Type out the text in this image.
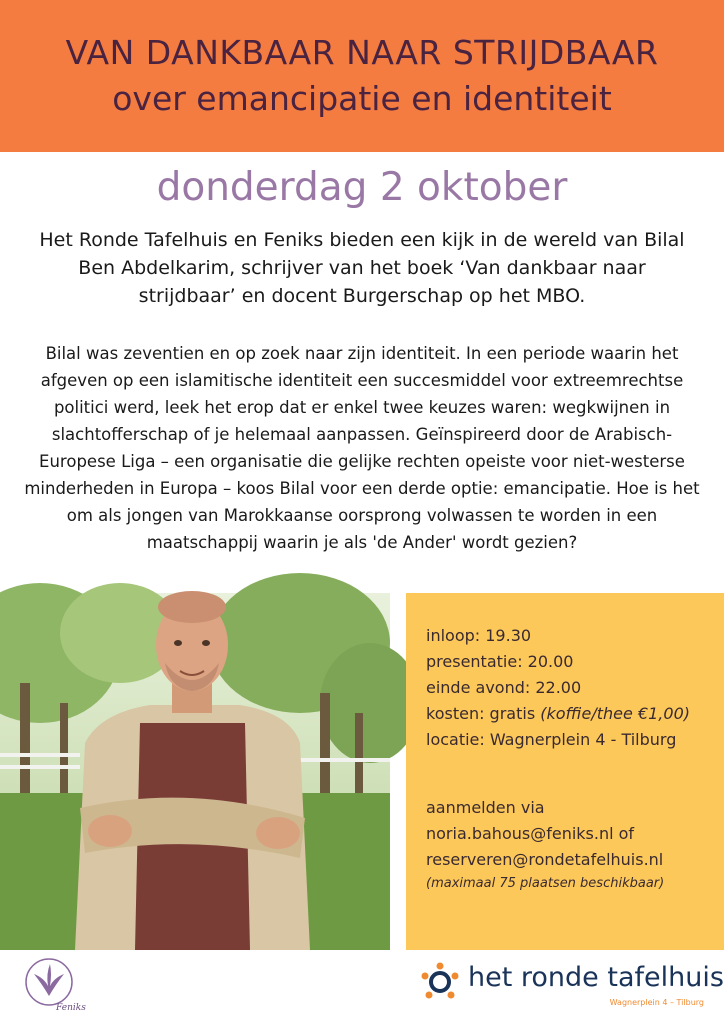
VAN DANKBAAR NAAR STRIJDBAAR
over emancipatie en identiteit
donderdag 2 oktober
Het Ronde Tafelhuis en Feniks bieden een kijk in de wereld van Bilal Ben Abdelkarim, schrijver van het boek ‘Van dankbaar naar strijdbaar’ en docent Burgerschap op het MBO.
Bilal was zeventien en op zoek naar zijn identiteit. In een periode waarin het afgeven op een islamitische identiteit een succesmiddel voor extreemrechtse politici werd, leek het erop dat er enkel twee keuzes waren: wegkwijnen in slachtofferschap of je helemaal aanpassen. Geïnspireerd door de Arabisch-Europese Liga – een organisatie die gelijke rechten opeiste voor niet-westerse minderheden in Europa – koos Bilal voor een derde optie: emancipatie. Hoe is het om als jongen van Marokkaanse oorsprong volwassen te worden in een maatschappij waarin je als 'de Ander' wordt gezien?
inloop: 19.30
presentatie: 20.00
einde avond: 22.00
kosten: gratis (koffie/thee €1,00)
locatie: Wagnerplein 4 - Tilburg
aanmelden via
noria.bahous@feniks.nl of
reserveren@rondetafelhuis.nl
(maximaal 75 plaatsen beschikbaar)
Feniks
het ronde tafelhuis
Wagnerplein 4 – Tilburg
